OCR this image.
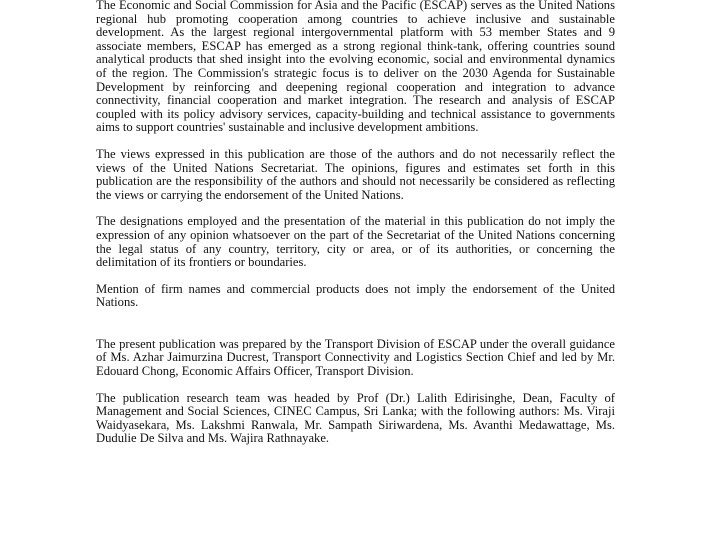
The Economic and Social Commission for Asia and the Pacific (ESCAP) serves as the United Nations regional hub promoting cooperation among countries to achieve inclusive and sustainable development. As the largest regional intergovernmental platform with 53 member States and 9 associate members, ESCAP has emerged as a strong regional think-tank, offering countries sound analytical products that shed insight into the evolving economic, social and environmental dynamics of the region. The Commission's strategic focus is to deliver on the 2030 Agenda for Sustainable Development by reinforcing and deepening regional cooperation and integration to advance connectivity, financial cooperation and market integration. The research and analysis of ESCAP coupled with its policy advisory services, capacity-building and technical assistance to governments aims to support countries' sustainable and inclusive development ambitions.

The views expressed in this publication are those of the authors and do not necessarily reflect the views of the United Nations Secretariat. The opinions, figures and estimates set forth in this publication are the responsibility of the authors and should not necessarily be considered as reflecting the views or carrying the endorsement of the United Nations.

The designations employed and the presentation of the material in this publication do not imply the expression of any opinion whatsoever on the part of the Secretariat of the United Nations concerning the legal status of any country, territory, city or area, or of its authorities, or concerning the delimitation of its frontiers or boundaries.

Mention of firm names and commercial products does not imply the endorsement of the United Nations.

The present publication was prepared by the Transport Division of ESCAP under the overall guidance of Ms. Azhar Jaimurzina Ducrest, Transport Connectivity and Logistics Section Chief and led by Mr. Edouard Chong, Economic Affairs Officer, Transport Division.

The publication research team was headed by Prof (Dr.) Lalith Edirisinghe, Dean, Faculty of Management and Social Sciences, CINEC Campus, Sri Lanka; with the following authors: Ms. Viraji Waidyasekara, Ms. Lakshmi Ranwala, Mr. Sampath Siriwardena, Ms. Avanthi Medawattage, Ms. Dudulie De Silva and Ms. Wajira Rathnayake.
